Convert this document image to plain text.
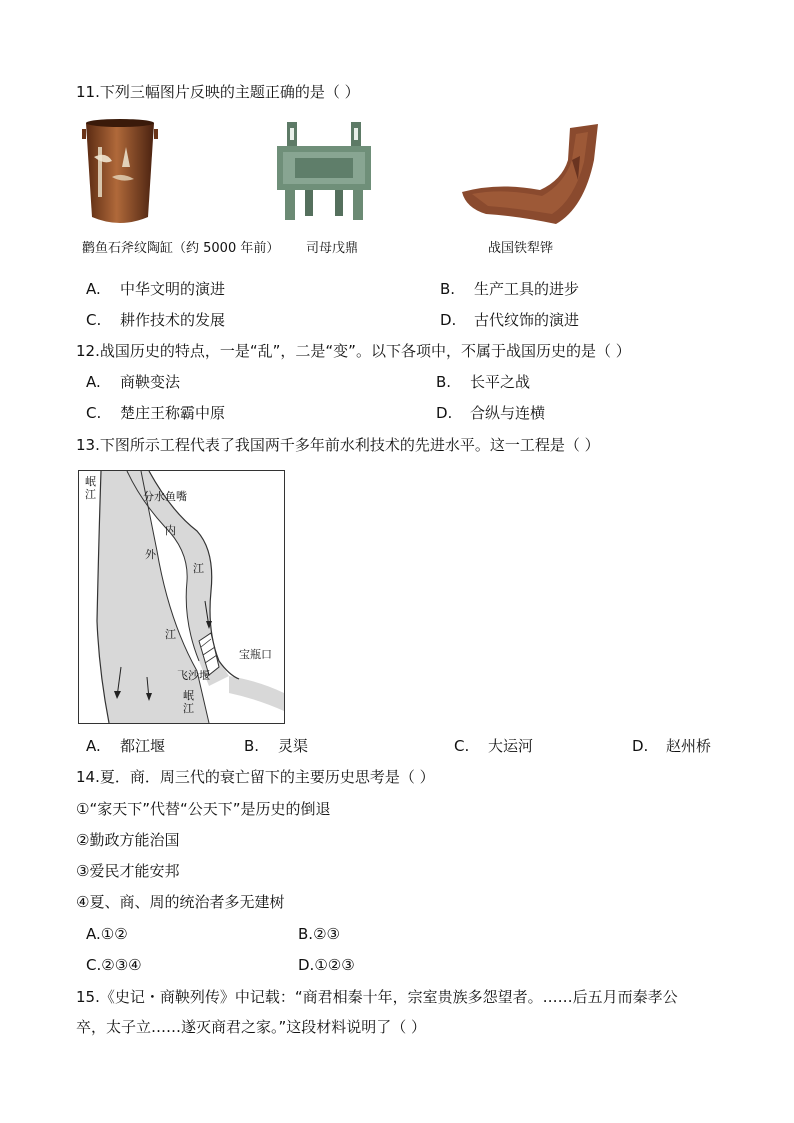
11.下列三幅图片反映的主题正确的是（ ）
鹳鱼石斧纹陶缸（约 5000 年前） 司母戊鼎	战国铁犁铧
A. 中华文明的演进	B. 生产工具的进步
C. 耕作技术的发展	D. 古代纹饰的演进
12.战国历史的特点，一是“乱”，二是“变”。以下各项中，不属于战国历史的是（ ）
A. 商鞅变法	B. 长平之战
C. 楚庄王称霸中原	D. 合纵与连横
13.下图所示工程代表了我国两千多年前水利技术的先进水平。这一工程是（ ）
岷江	分水鱼嘴
内
江
外
江
宝瓶口
飞沙堰
岷江
A. 都江堰	B. 灵渠	C. 大运河	D. 赵州桥
14.夏．商．周三代的衰亡留下的主要历史思考是（ ）
①“家天下”代替“公天下”是历史的倒退
②勤政方能治国
③爱民才能安邦
④夏、商、周的统治者多无建树
A.①②	B.②③
C.②③④	D.①②③
15.《史记・商鞅列传》中记载：“商君相秦十年，宗室贵族多怨望者。……后五月而秦孝公
卒，太子立……遂灭商君之家。”这段材料说明了（ ）
